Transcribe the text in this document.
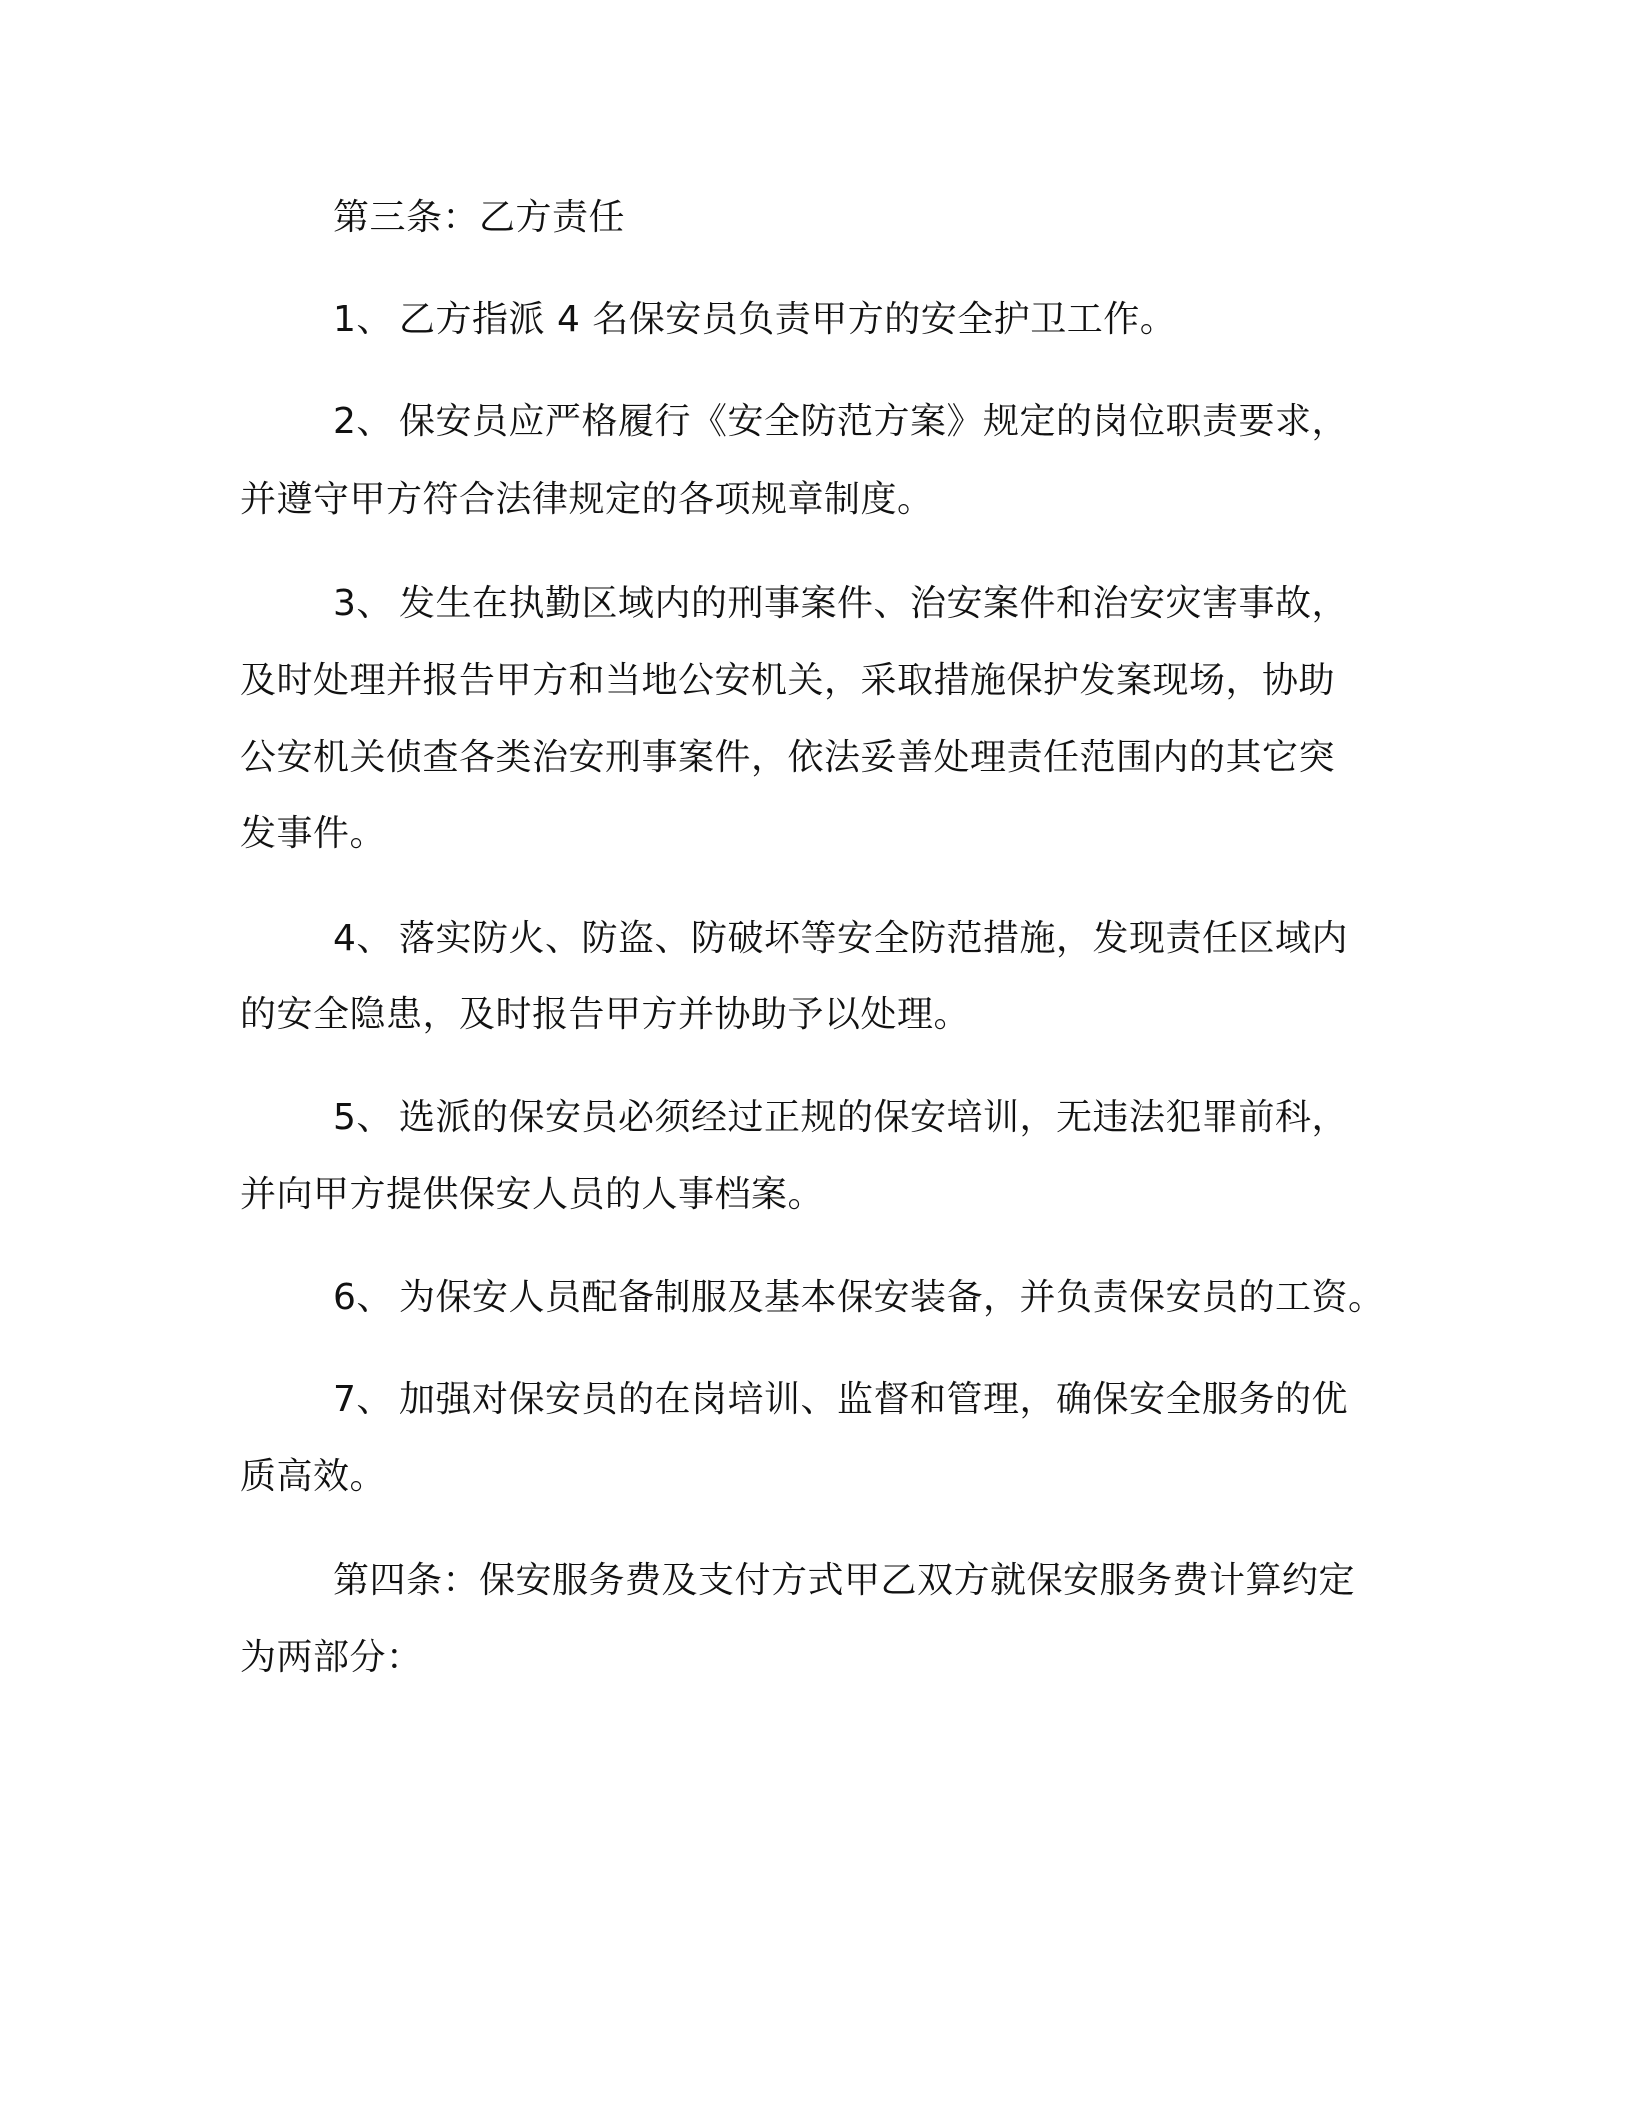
第三条：乙方责任
1、 乙方指派 4 名保安员负责甲方的安全护卫工作。
2、 保安员应严格履行《安全防范方案》规定的岗位职责要求，
并遵守甲方符合法律规定的各项规章制度。
3、 发生在执勤区域内的刑事案件、治安案件和治安灾害事故，
及时处理并报告甲方和当地公安机关，采取措施保护发案现场，协助
公安机关侦查各类治安刑事案件，依法妥善处理责任范围内的其它突
发事件。
4、 落实防火、防盗、防破坏等安全防范措施，发现责任区域内
的安全隐患，及时报告甲方并协助予以处理。
5、 选派的保安员必须经过正规的保安培训，无违法犯罪前科，
并向甲方提供保安人员的人事档案。
6、 为保安人员配备制服及基本保安装备，并负责保安员的工资。
7、 加强对保安员的在岗培训、监督和管理，确保安全服务的优
质高效。
第四条：保安服务费及支付方式甲乙双方就保安服务费计算约定
为两部分：
